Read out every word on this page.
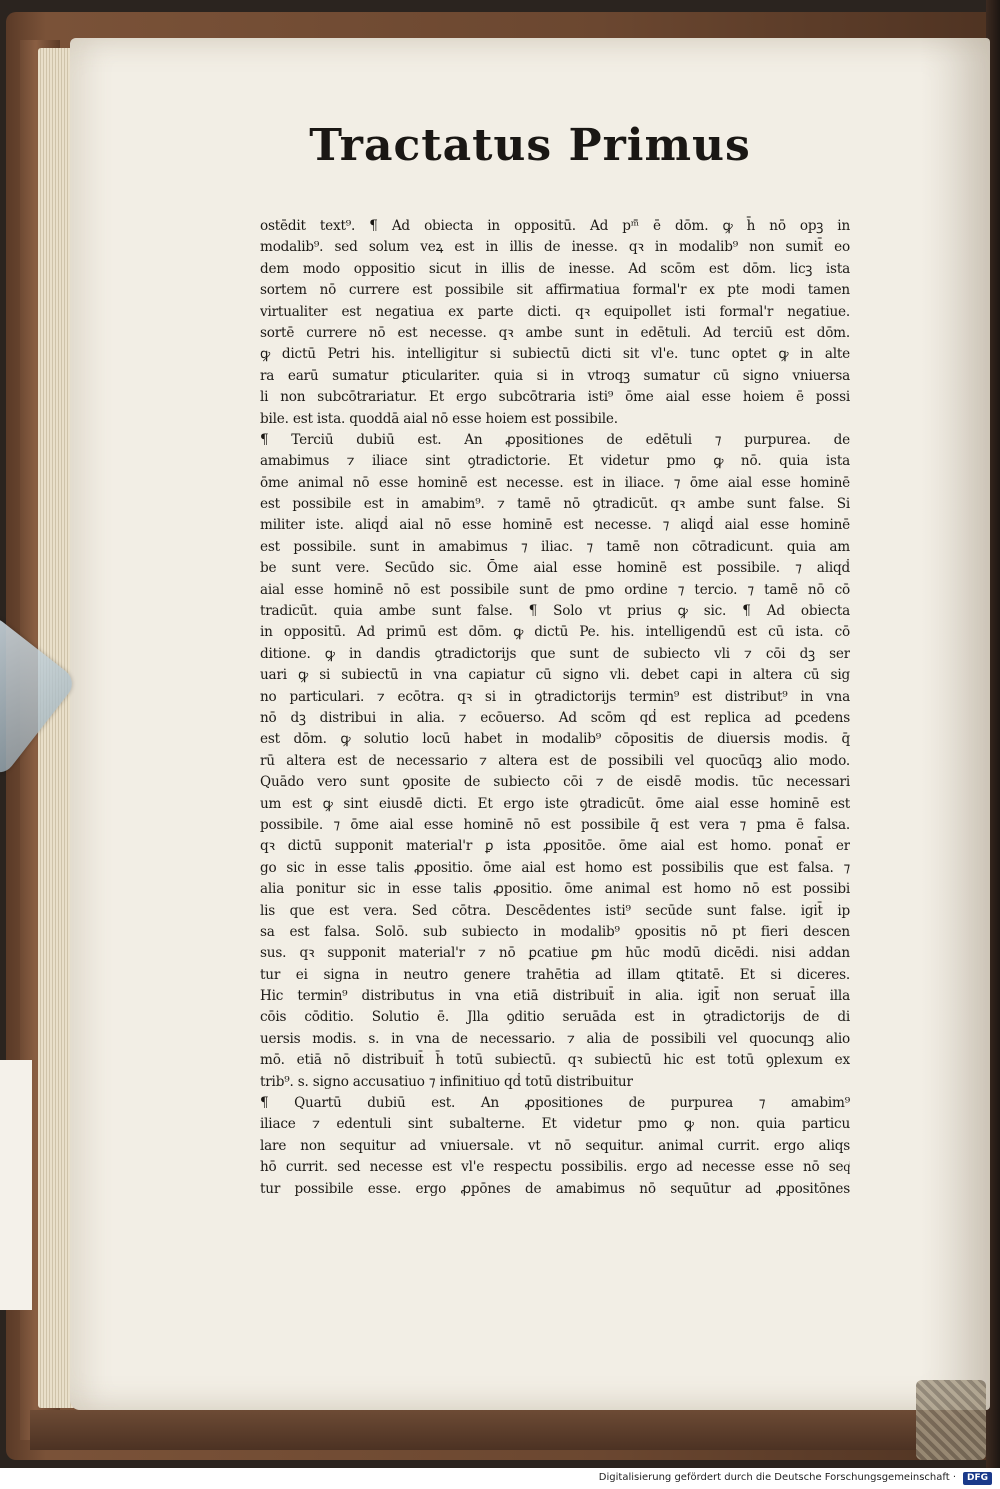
Tractatus Primus
ostēdit text⁹. ¶ Ad obiecta in oppositū. Ad pᵐ̄ ē dōm. ꝙ h̄ nō opꝫ in
modalib⁹. sed solum veꝝ est in illis de inesse. qꝛ in modalib⁹ non sumit̄ eo
dem modo oppositio sicut in illis de inesse. Ad scōm est dōm. licꝫ ista
sortem nō currere est possibile sit affirmatiua formal'r ex pte modi tamen
virtualiter est negatiua ex parte dicti. qꝛ equipollet isti formal'r negatiue.
sortē currere nō est necesse. qꝛ ambe sunt in edētuli. Ad terciū est dōm.
ꝙ dictū Petri his. intelligitur si subiectū dicti sit vl'e. tunc optet ꝙ in alte
ra earū sumatur ꝑticulariter. quia si in vtroqꝫ sumatur cū signo vniuersa
li non subcōtrariatur. Et ergo subcōtraria isti⁹ ōme aial esse hoiem ē possi
bile. est ista. quoddā aial nō esse hoiem est possibile.
¶ Terciū dubiū est. An ꝓpositiones de edētuli ⁊ purpurea. de
amabimus ⁊ iliace sint ꝯtradictorie. Et videtur pmo ꝙ nō. quia ista
ōme animal nō esse hominē est necesse. est in iliace. ⁊ ōme aial esse hominē
est possibile est in amabim⁹. ⁊ tamē nō ꝯtradicūt. qꝛ ambe sunt false. Si
militer iste. aliqḋ aial nō esse hominē est necesse. ⁊ aliqḋ aial esse hominē
est possibile. sunt in amabimus ⁊ iliac. ⁊ tamē non cōtradicunt. quia am
be sunt vere. Secūdo sic. Ōme aial esse hominē est possibile. ⁊ aliqḋ
aial esse hominē nō est possibile sunt de pmo ordine ⁊ tercio. ⁊ tamē nō cō
tradicūt. quia ambe sunt false. ¶ Solo vt prius ꝙ sic. ¶ Ad obiecta
in oppositū. Ad primū est dōm. ꝙ dictū Pe. his. intelligendū est cū ista. cō
ditione. ꝙ in dandis ꝯtradictorijs que sunt de subiecto vli ⁊ cōi dꝫ ser
uari ꝙ si subiectū in vna capiatur cū signo vli. debet capi in altera cū sig
no particulari. ⁊ ecōtra. qꝛ si in ꝯtradictorijs termin⁹ est distribut⁹ in vna
nō dꝫ distribui in alia. ⁊ ecōuerso. Ad scōm qḋ est replica ad ꝑcedens
est dōm. ꝙ solutio locū habet in modalib⁹ cōpositis de diuersis modis. q̄
rū altera est de necessario ⁊ altera est de possibili vel quocūqꝫ alio modo.
Quādo vero sunt ꝯposite de subiecto cōi ⁊ de eisdē modis. tūc necessari
um est ꝙ sint eiusdē dicti. Et ergo iste ꝯtradicūt. ōme aial esse hominē est
possibile. ⁊ ōme aial esse hominē nō est possibile q̄ est vera ⁊ pma ē falsa.
qꝛ dictū supponit material'r ꝑ ista ꝓpositōe. ōme aial est homo. ponat̄ er
go sic in esse talis ꝓpositio. ōme aial est homo est possibilis que est falsa. ⁊
alia ponitur sic in esse talis ꝓpositio. ōme animal est homo nō est possibi
lis que est vera. Sed cōtra. Descēdentes isti⁹ secūde sunt false. igit̄ ip
sa est falsa. Solō. sub subiecto in modalib⁹ ꝯpositis nō pt fieri descen
sus. qꝛ supponit material'r ⁊ nō ꝑcatiue ꝑm hūc modū dicēdi. nisi addan
tur ei signa in neutro genere trahētia ad illam ꝗtitatē. Et si diceres.
Hic termin⁹ distributus in vna etiā distribuit̄ in alia. igit̄ non seruat̄ illa
cōis cōditio. Solutio ē. Jlla ꝯditio seruāda est in ꝯtradictorijs de di
uersis modis. s. in vna de necessario. ⁊ alia de possibili vel quocunqꝫ alio
mō. etiā nō distribuit̄ h̄ totū subiectū. qꝛ subiectū hic est totū ꝯplexum ex
trib⁹. s. signo accusatiuo ⁊ infinitiuo qḋ totū distribuitur
¶ Quartū dubiū est. An ꝓpositiones de purpurea ⁊ amabim⁹
iliace ⁊ edentuli sint subalterne. Et videtur pmo ꝙ non. quia particu
lare non sequitur ad vniuersale. vt nō sequitur. animal currit. ergo aliqs
hō currit. sed necesse est vl'e respectu possibilis. ergo ad necesse esse nō seqͥ
tur possibile esse. ergo ꝓpōnes de amabimus nō sequūtur ad ꝓpositōnes
Digitalisierung gefördert durch die Deutsche Forschungsgemeinschaft ·	DFG
